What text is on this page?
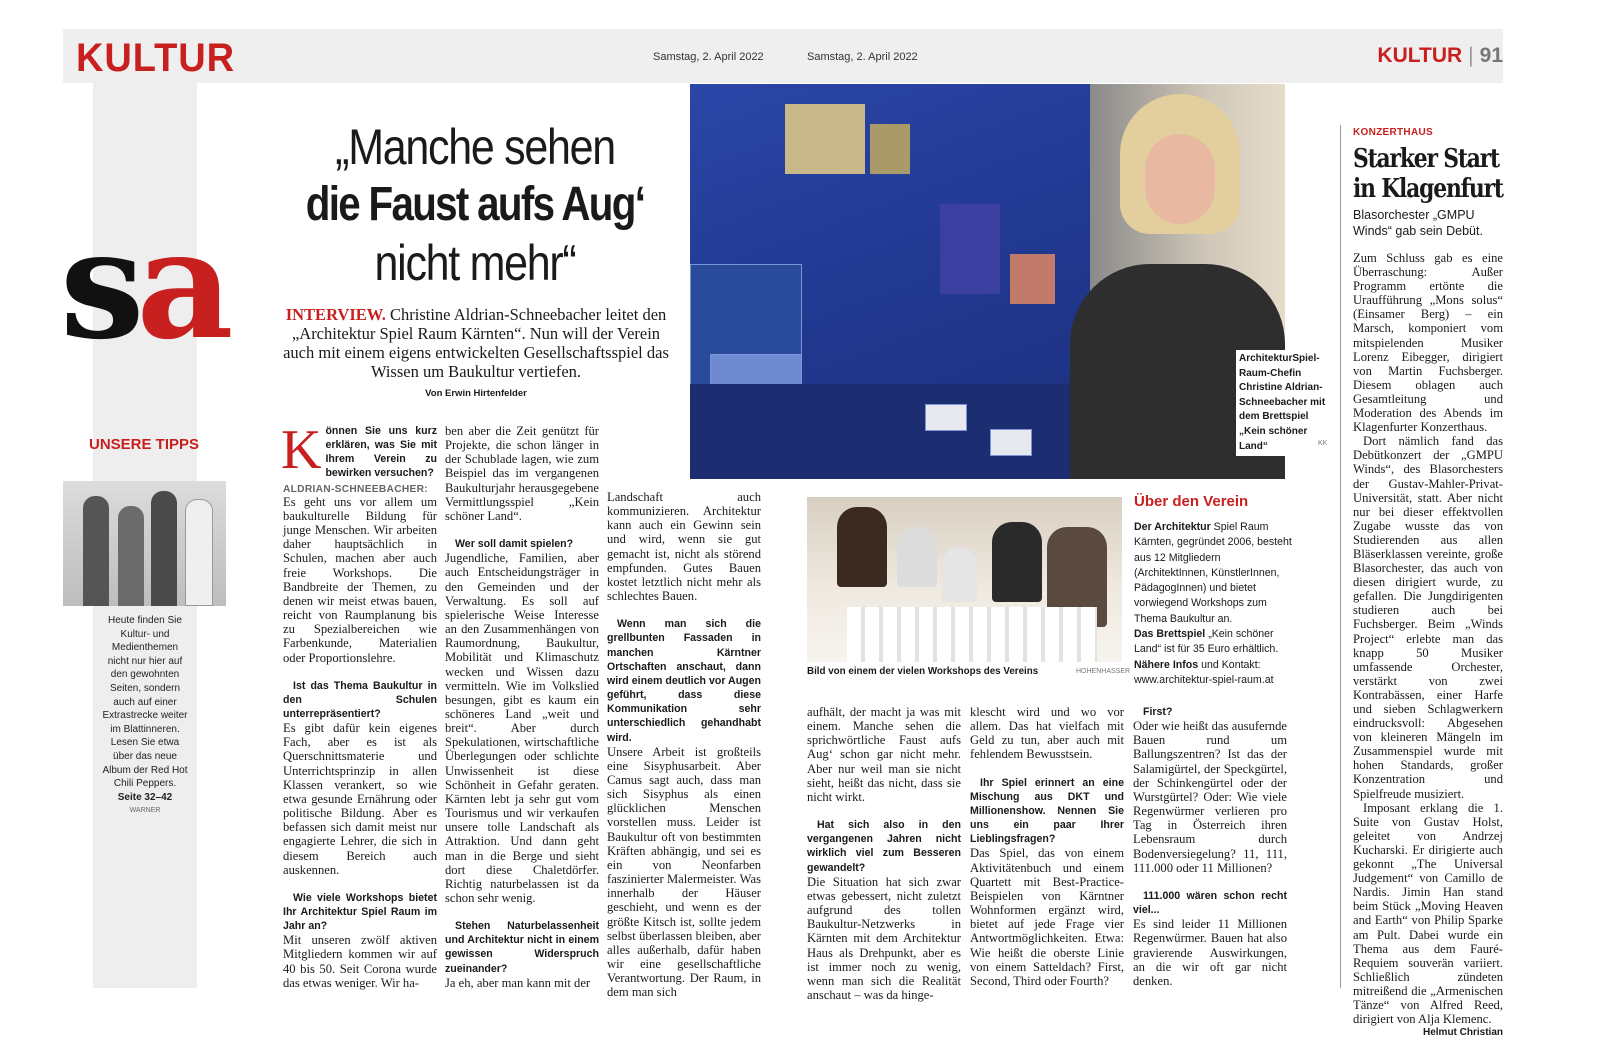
KULTUR	Samstag, 2. April 2022	Samstag, 2. April 2022	KULTUR | 91
sa
UNSERE TIPPS
Heute finden Sie Kultur- und Medienthemen nicht nur hier auf den gewohnten Seiten, sondern auch auf einer Extrastrecke weiter im Blattinneren. Lesen Sie etwa über das neue Album der Red Hot Chili Peppers.
Seite 32–42
WARNER
„Manche sehen
die Faust aufs Aug‘
nicht mehr“
INTERVIEW. Christine Aldrian-Schneebacher leitet den „Architektur Spiel Raum Kärnten“. Nun will der Verein auch mit einem eigens entwickelten Gesellschaftsspiel das Wissen um Baukultur vertiefen.
Von Erwin Hirtenfelder
K önnen Sie uns kurz erklären, was Sie mit Ihrem Verein zu bewirken versuchen?

ALDRIAN-SCHNEEBACHER: Es geht uns vor allem um baukulturelle Bildung für junge Menschen. Wir arbeiten daher hauptsächlich in Schulen, machen aber auch freie Workshops. Die Bandbreite der Themen, zu denen wir meist etwas bauen, reicht von Raumplanung bis zu Spezialbereichen wie Farbenkunde, Materialien oder Proportionslehre.

Ist das Thema Baukultur in den Schulen unterrepräsentiert?

Es gibt dafür kein eigenes Fach, aber es ist als Querschnittsmaterie und Unterrichtsprinzip in allen Klassen verankert, so wie etwa gesunde Ernährung oder politische Bildung. Aber es befassen sich damit meist nur engagierte Lehrer, die sich in diesem Bereich auch auskennen.

Wie viele Workshops bietet Ihr Architektur Spiel Raum im Jahr an?

Mit unseren zwölf aktiven Mitgliedern kommen wir auf 40 bis 50. Seit Corona wurde das etwas weniger. Wir ha-

ben aber die Zeit genützt für Projekte, die schon länger in der Schublade lagen, wie zum Beispiel das im vergangenen Baukulturjahr herausgegebene Vermittlungsspiel „Kein schöner Land“.

Wer soll damit spielen?

Jugendliche, Familien, aber auch Entscheidungsträger in den Gemeinden und der Verwaltung. Es soll auf spielerische Weise Interesse an den Zusammenhängen von Raumordnung, Baukultur, Mobilität und Klimaschutz wecken und Wissen dazu vermitteln. Wie im Volkslied besungen, gibt es kaum ein schöneres Land „weit und breit“. Aber durch Spekulationen, wirtschaftliche Überlegungen oder schlichte Unwissenheit ist diese Schönheit in Gefahr geraten. Kärnten lebt ja sehr gut vom Tourismus und wir verkaufen unsere tolle Landschaft als Attraktion. Und dann geht man in die Berge und sieht dort diese Chaletdörfer. Richtig naturbelassen ist da schon sehr wenig.

Stehen Naturbelassenheit und Architektur nicht in einem gewissen Widerspruch zueinander?

Ja eh, aber man kann mit der

Landschaft auch kommunizieren. Architektur kann auch ein Gewinn sein und wird, wenn sie gut gemacht ist, nicht als störend empfunden. Gutes Bauen kostet letztlich nicht mehr als schlechtes Bauen.

Wenn man sich die grellbunten Fassaden in manchen Kärntner Ortschaften anschaut, dann wird einem deutlich vor Augen geführt, dass diese Kommunikation sehr unterschiedlich gehandhabt wird.

Unsere Arbeit ist großteils eine Sisyphusarbeit. Aber Camus sagt auch, dass man sich Sisyphus als einen glücklichen Menschen vorstellen muss. Leider ist Baukultur oft von bestimmten Kräften abhängig, und sei es ein von Neonfarben faszinierter Malermeister. Was innerhalb der Häuser geschieht, und wenn es der größte Kitsch ist, sollte jedem selbst überlassen bleiben, aber alles außerhalb, dafür haben wir eine gesellschaftliche Verantwortung. Der Raum, in dem man sich

aufhält, der macht ja was mit einem. Manche sehen die sprichwörtliche Faust aufs Aug‘ schon gar nicht mehr. Aber nur weil man sie nicht sieht, heißt das nicht, dass sie nicht wirkt.

Hat sich also in den vergangenen Jahren nicht wirklich viel zum Besseren gewandelt?

Die Situation hat sich zwar etwas gebessert, nicht zuletzt aufgrund des tollen Baukultur-Netzwerks in Kärnten mit dem Architektur Haus als Drehpunkt, aber es ist immer noch zu wenig, wenn man sich die Realität anschaut – was da hinge-

klescht wird und wo vor allem. Das hat vielfach mit Geld zu tun, aber auch mit fehlendem Bewusstsein.

Ihr Spiel erinnert an eine Mischung aus DKT und Millionenshow. Nennen Sie uns ein paar Ihrer Lieblingsfragen?

Das Spiel, das von einem Aktivitätenbuch und einem Quartett mit Best-Practice-Beispielen von Kärntner Wohnformen ergänzt wird, bietet auf jede Frage vier Antwortmöglichkeiten. Etwa: Wie heißt die oberste Linie von einem Satteldach? First, Second, Third oder Fourth?

First?

Oder wie heißt das ausufernde Bauen rund um Ballungszentren? Ist das der Salamigürtel, der Speckgürtel, der Schinkengürtel oder der Wurstgürtel? Oder: Wie viele Regenwürmer verlieren pro Tag in Österreich ihren Lebensraum durch Bodenversiegelung? 11, 111, 111.000 oder 11 Millionen?

111.000 wären schon recht viel...

Es sind leider 11 Millionen Regenwürmer. Bauen hat also gravierende Auswirkungen, an die wir oft gar nicht denken.

ArchitekturSpiel-Raum-Chefin Christine Aldrian-Schneebacher mit dem Brettspiel „Kein schöner Land“	KK
Bild von einem der vielen Workshops des Vereins	HOHENHASSER
Über den Verein

Der Architektur Spiel Raum Kärnten, gegründet 2006, besteht aus 12 Mitgliedern (ArchitektInnen, KünstlerInnen, PädagogInnen) und bietet vorwiegend Workshops zum Thema Baukultur an.

Das Brettspiel „Kein schöner Land“ ist für 35 Euro erhältlich.

Nähere Infos und Kontakt:
www.architektur-spiel-raum.at

KONZERTHAUS
Starker Start
in Klagenfurt
Blasorchester „GMPU Winds“ gab sein Debüt.

Zum Schluss gab es eine Überraschung: Außer Programm ertönte die Uraufführung „Mons solus“ (Einsamer Berg) – ein Marsch, komponiert vom mitspielenden Musiker Lorenz Eibegger, dirigiert von Martin Fuchsberger. Diesem oblagen auch Gesamtleitung und Moderation des Abends im Klagenfurter Konzerthaus.

Dort nämlich fand das Debütkonzert der „GMPU Winds“, des Blasorchesters der Gustav-Mahler-Privat-Universität, statt. Aber nicht nur bei dieser effektvollen Zugabe wusste das von Studierenden aus allen Bläserklassen vereinte, große Blasorchester, das auch von diesen dirigiert wurde, zu gefallen. Die Jungdirigenten studieren auch bei Fuchsberger. Beim „Winds Project“ erlebte man das knapp 50 Musiker umfassende Orchester, verstärkt von zwei Kontrabässen, einer Harfe und sieben Schlagwerkern eindrucksvoll: Abgesehen von kleineren Mängeln im Zusammenspiel wurde mit hohen Standards, großer Konzentration und Spielfreude musiziert.

Imposant erklang die 1. Suite von Gustav Holst, geleitet von Andrzej Kucharski. Er dirigierte auch gekonnt „The Universal Judgement“ von Camillo de Nardis. Jimin Han stand beim Stück „Moving Heaven and Earth“ von Philip Sparke am Pult. Dabei wurde ein Thema aus dem Fauré-Requiem souverän variiert. Schließlich zündeten mitreißend die „Armenischen Tänze“ von Alfred Reed, dirigiert von Alja Klemenc.

Helmut Christian
